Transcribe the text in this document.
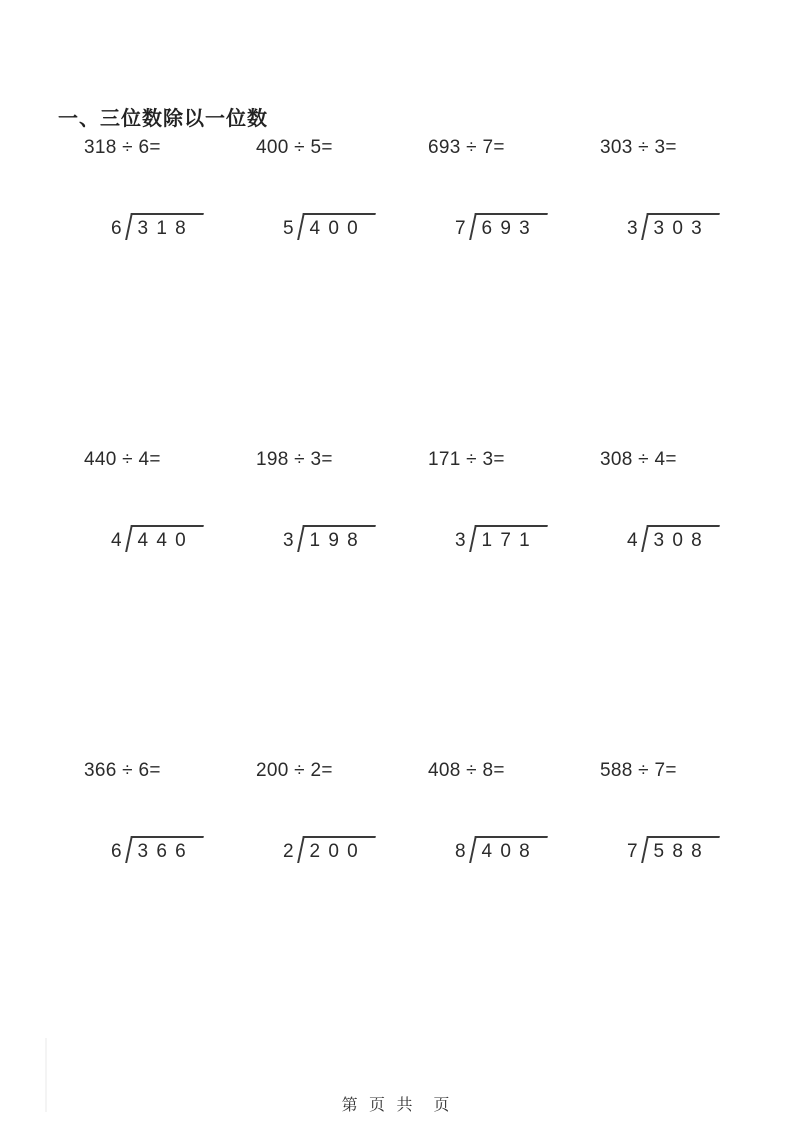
一、三位数除以一位数
318 ÷ 6=
6 3 1 8
400 ÷ 5=
5 4 0 0
693 ÷ 7=
7 6 9 3
303 ÷ 3=
3 3 0 3
440 ÷ 4=
4 4 4 0
198 ÷ 3=
3 1 9 8
171 ÷ 3=
3 1 7 1
308 ÷ 4=
4 3 0 8
366 ÷ 6=
6 3 6 6
200 ÷ 2=
2 2 0 0
408 ÷ 8=
8 4 0 8
588 ÷ 7=
7 5 8 8
第 页 共  页
